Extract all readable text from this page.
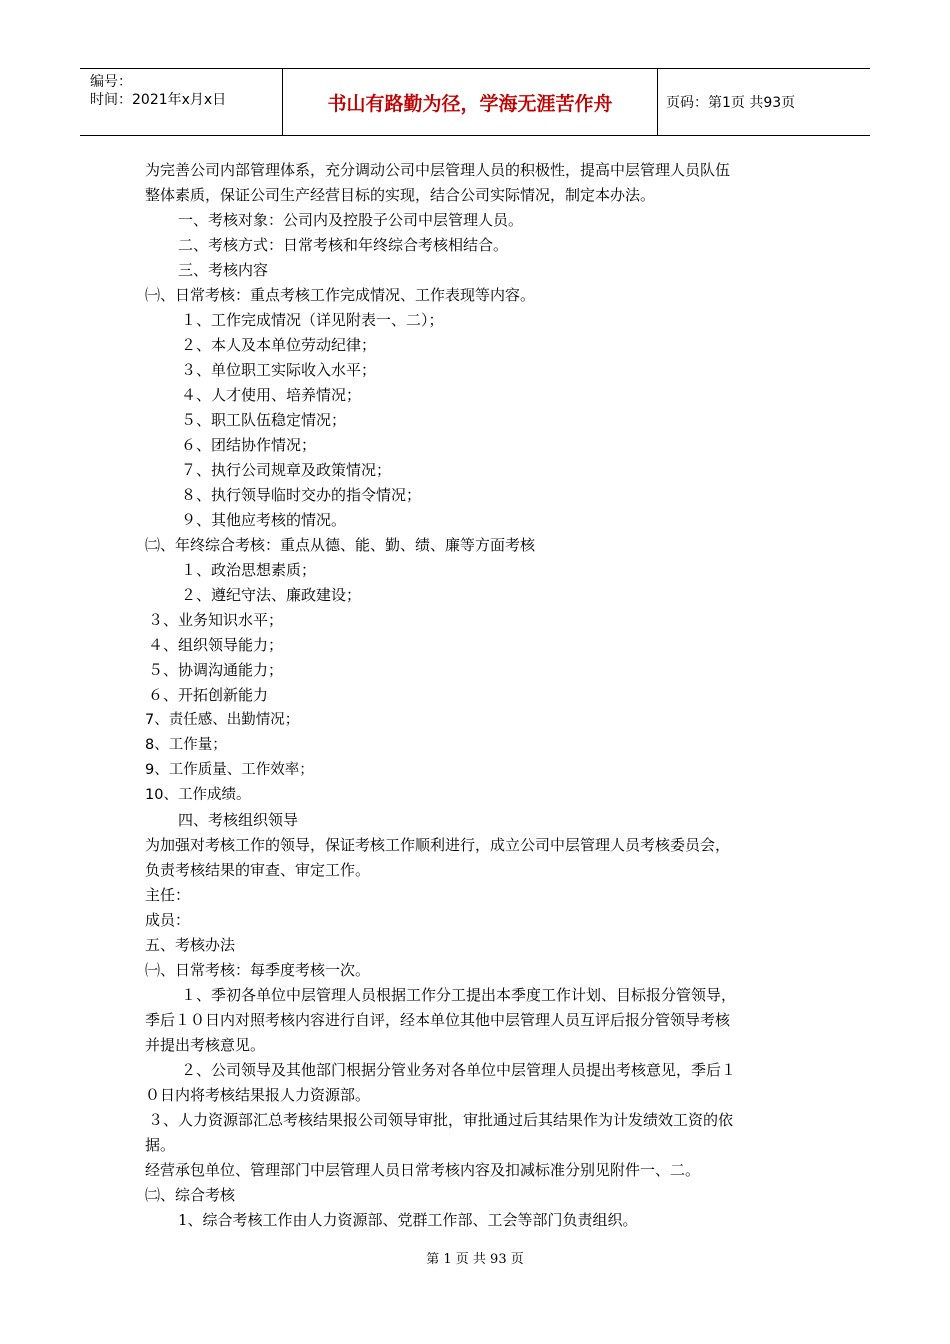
编号：
时间：2021年x月x日	书山有路勤为径，学海无涯苦作舟	页码：第1页 共93页
为完善公司内部管理体系，充分调动公司中层管理人员的积极性，提高中层管理人员队伍
整体素质，保证公司生产经营目标的实现，结合公司实际情况，制定本办法。
一、考核对象：公司内及控股子公司中层管理人员。
二、考核方式：日常考核和年终综合考核相结合。
三、考核内容
㈠、日常考核：重点考核工作完成情况、工作表现等内容。
１、工作完成情况（详见附表一、二）；
２、本人及本单位劳动纪律；
３、单位职工实际收入水平；
４、人才使用、培养情况；
５、职工队伍稳定情况；
６、团结协作情况；
７、执行公司规章及政策情况；
８、执行领导临时交办的指令情况；
９、其他应考核的情况。
㈡、年终综合考核：重点从德、能、勤、绩、廉等方面考核
１、政治思想素质；
２、遵纪守法、廉政建设；
３、业务知识水平；
４、组织领导能力；
５、协调沟通能力；
６、开拓创新能力
7、责任感、出勤情况；
8、工作量；
9、工作质量、工作效率；
10、工作成绩。
四、考核组织领导
为加强对考核工作的领导，保证考核工作顺利进行，成立公司中层管理人员考核委员会，
负责考核结果的审查、审定工作。
主任：
成员：
五、考核办法
㈠、日常考核：每季度考核一次。
１、季初各单位中层管理人员根据工作分工提出本季度工作计划、目标报分管领导，
季后１０日内对照考核内容进行自评，经本单位其他中层管理人员互评后报分管领导考核
并提出考核意见。
２、公司领导及其他部门根据分管业务对各单位中层管理人员提出考核意见，季后１
０日内将考核结果报人力资源部。
３、人力资源部汇总考核结果报公司领导审批，审批通过后其结果作为计发绩效工资的依
据。
经营承包单位、管理部门中层管理人员日常考核内容及扣减标准分别见附件一、二。
㈡、综合考核
1、综合考核工作由人力资源部、党群工作部、工会等部门负责组织。
第 1 页 共 93 页
